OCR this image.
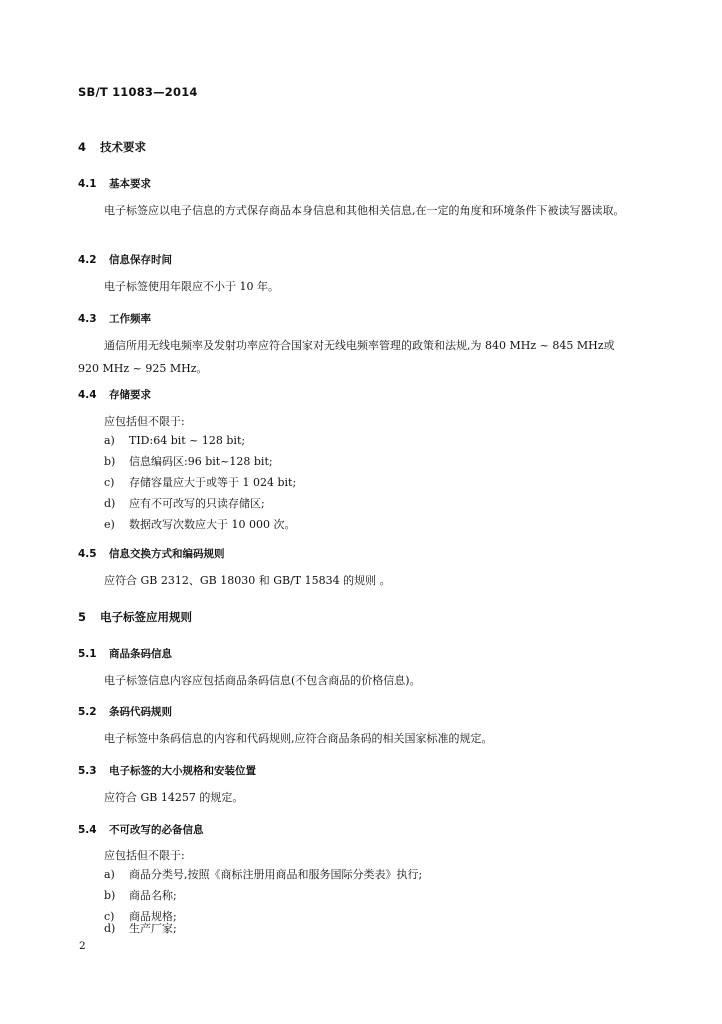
SB/T 11083—2014
4 技术要求
4.1 基本要求
电子标签应以电子信息的方式保存商品本身信息和其他相关信息,在一定的角度和环境条件下被读写器读取。
4.2 信息保存时间
电子标签使用年限应不小于 10 年。
4.3 工作频率
通信所用无线电频率及发射功率应符合国家对无线电频率管理的政策和法规,为 840 MHz ~ 845 MHz或 920 MHz ~ 925 MHz。
4.4 存储要求
应包括但不限于:
a) TID:64 bit ~ 128 bit;
b) 信息编码区:96 bit~128 bit;
c) 存储容量应大于或等于 1 024 bit;
d) 应有不可改写的只读存储区;
e) 数据改写次数应大于 10 000 次。
4.5 信息交换方式和编码规则
应符合 GB 2312、GB 18030 和 GB/T 15834 的规则 。
5 电子标签应用规则
5.1 商品条码信息
电子标签信息内容应包括商品条码信息(不包含商品的价格信息)。
5.2 条码代码规则
电子标签中条码信息的内容和代码规则,应符合商品条码的相关国家标准的规定。
5.3 电子标签的大小规格和安装位置
应符合 GB 14257 的规定。
5.4 不可改写的必备信息
应包括但不限于:
a) 商品分类号,按照《商标注册用商品和服务国际分类表》执行;
b) 商品名称;
c) 商品规格;
d) 生产厂家;
2
